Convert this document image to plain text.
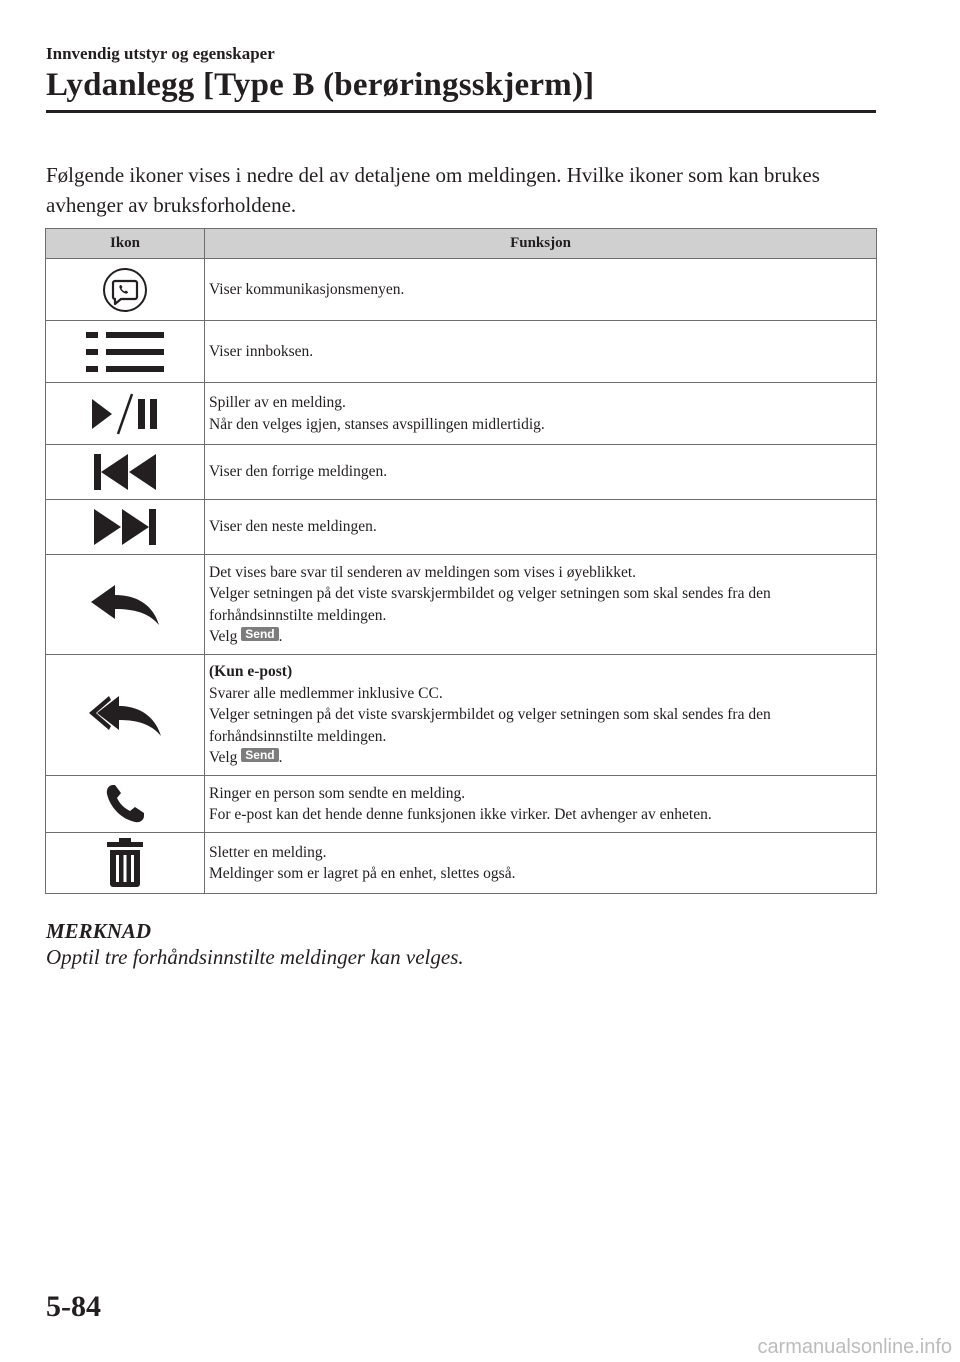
Innvendig utstyr og egenskaper
Lydanlegg [Type B (berøringsskjerm)]
Følgende ikoner vises i nedre del av detaljene om meldingen. Hvilke ikoner som kan brukes avhenger av bruksforholdene.
Ikon	Funksjon

Viser kommunikasjonsmenyen.

Viser innboksen.

Spiller av en melding.
Når den velges igjen, stanses avspillingen midlertidig.

Viser den forrige meldingen.

Viser den neste meldingen.

Det vises bare svar til senderen av meldingen som vises i øyeblikket.
Velger setningen på det viste svarskjermbildet og velger setningen som skal sendes fra den forhåndsinnstilte meldingen.
Velg Send .

(Kun e-post)
Svarer alle medlemmer inklusive CC.
Velger setningen på det viste svarskjermbildet og velger setningen som skal sendes fra den forhåndsinnstilte meldingen.
Velg Send .

Ringer en person som sendte en melding.
For e-post kan det hende denne funksjonen ikke virker. Det avhenger av enheten.

Sletter en melding.
Meldinger som er lagret på en enhet, slettes også.
MERKNAD
Opptil tre forhåndsinnstilte meldinger kan velges.
5-84
carmanualsonline.info
